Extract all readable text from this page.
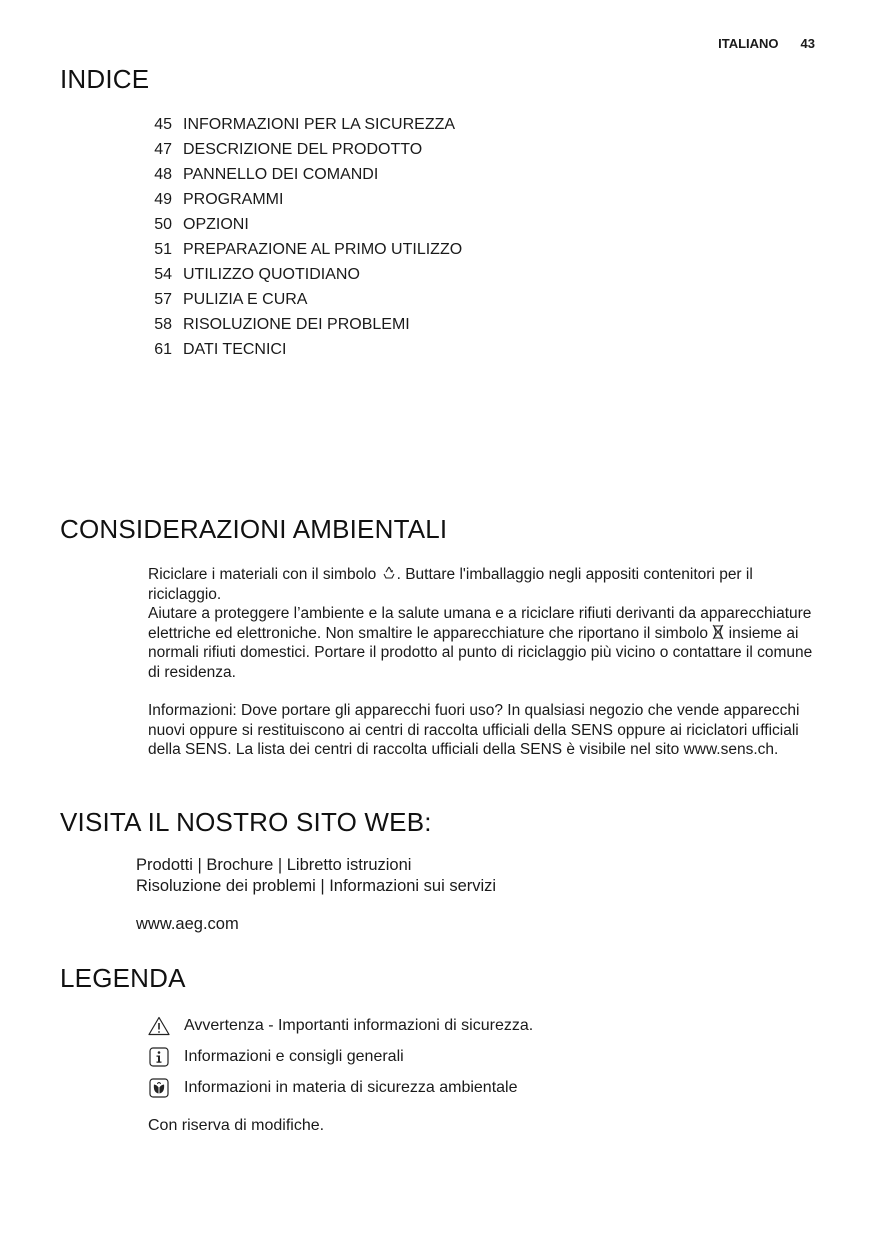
ITALIANO 43
INDICE
45 INFORMAZIONI PER LA SICUREZZA
47 DESCRIZIONE DEL PRODOTTO
48 PANNELLO DEI COMANDI
49 PROGRAMMI
50 OPZIONI
51 PREPARAZIONE AL PRIMO UTILIZZO
54 UTILIZZO QUOTIDIANO
57 PULIZIA E CURA
58 RISOLUZIONE DEI PROBLEMI
61 DATI TECNICI
CONSIDERAZIONI AMBIENTALI
Riciclare i materiali con il simbolo . Buttare l'imballaggio negli appositi contenitori per il riciclaggio.
Aiutare a proteggere l’ambiente e la salute umana e a riciclare rifiuti derivanti da apparecchiature elettriche ed elettroniche. Non smaltire le apparecchiature che riportano il simbolo insieme ai normali rifiuti domestici. Portare il prodotto al punto di riciclaggio più vicino o contattare il comune di residenza.
Informazioni: Dove portare gli apparecchi fuori uso? In qualsiasi negozio che vende apparecchi nuovi oppure si restituiscono ai centri di raccolta ufficiali della SENS oppure ai riciclatori ufficiali della SENS. La lista dei centri di raccolta ufficiali della SENS è visibile nel sito www.sens.ch.
VISITA IL NOSTRO SITO WEB:
Prodotti | Brochure | Libretto istruzioni
Risoluzione dei problemi | Informazioni sui servizi
www.aeg.com
LEGENDA
Avvertenza - Importanti informazioni di sicurezza.
Informazioni e consigli generali
Informazioni in materia di sicurezza ambientale
Con riserva di modifiche.
